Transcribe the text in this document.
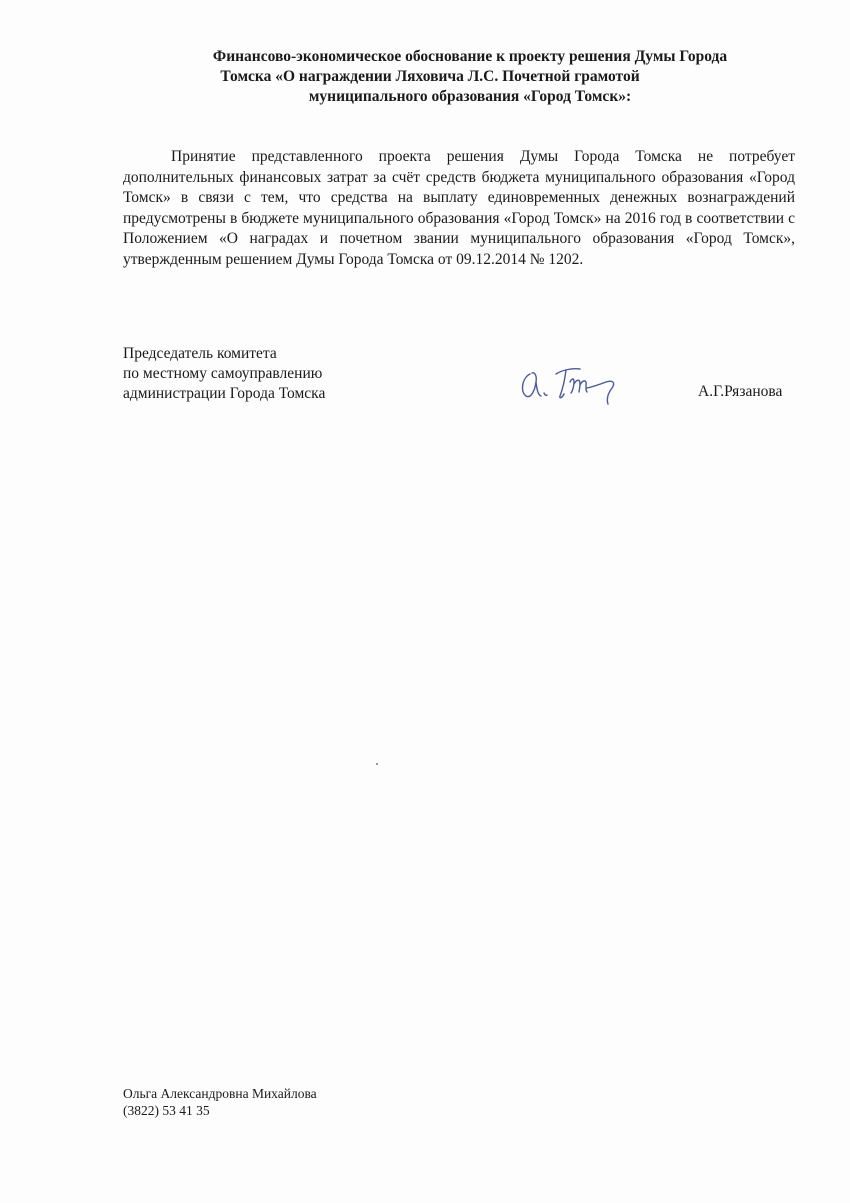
Финансово-экономическое обоснование к проекту решения Думы Города
Томска «О награждении Ляховича Л.С. Почетной грамотой
муниципального образования «Город Томск»:
Принятие представленного проекта решения Думы Города Томска не потребует дополнительных финансовых затрат за счёт средств бюджета муниципального образования «Город Томск» в связи с тем, что средства на выплату единовременных денежных вознаграждений предусмотрены в бюджете муниципального образования «Город Томск» на 2016 год в соответствии с Положением «О наградах и почетном звании муниципального образования «Город Томск», утвержденным решением Думы Города Томска от 09.12.2014 № 1202.
Председатель комитета
по местному самоуправлению
администрации Города Томска	А.Г.Рязанова
Ольга Александровна Михайлова
(3822) 53 41 35
